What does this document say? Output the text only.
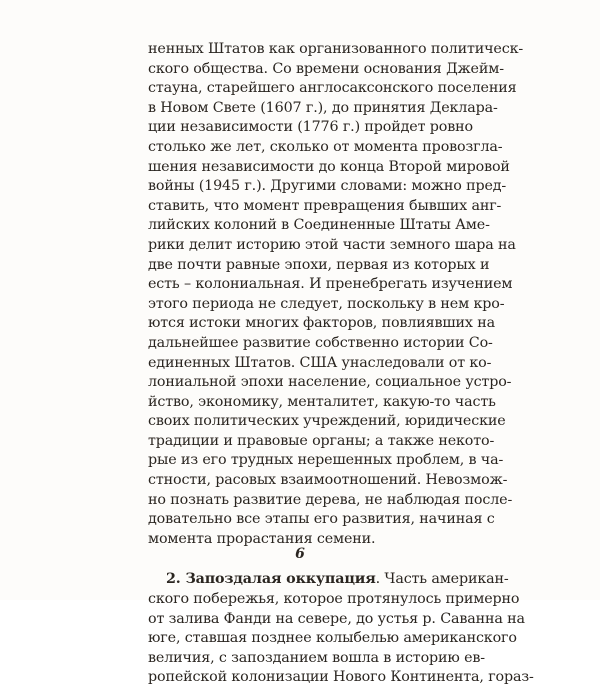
ненных Штатов как организованного политическ-
ского общества. Со времени основания Джейм-
стауна, старейшего англосаксонского поселения
в Новом Свете (1607 г.), до принятия Деклара-
ции независимости (1776 г.) пройдет ровно
столько же лет, сколько от момента провозгла-
шения независимости до конца Второй мировой
войны (1945 г.). Другими словами: можно пред-
ставить, что момент превращения бывших анг-
лийских колоний в Соединенные Штаты Аме-
рики делит историю этой части земного шара на
две почти равные эпохи, первая из которых и
есть – колониальная. И пренебрегать изучением
этого периода не следует, поскольку в нем кро-
ются истоки многих факторов, повлиявших на
дальнейшее развитие собственно истории Со-
единенных Штатов. США унаследовали от ко-
лониальной эпохи население, социальное устро-
йство, экономику, менталитет, какую-то часть
своих политических учреждений, юридические
традиции и правовые органы; а также некото-
рые из его трудных нерешенных проблем, в ча-
стности, расовых взаимоотношений. Невозмож-
но познать развитие дерева, не наблюдая после-
довательно все этапы его развития, начиная с
момента прорастания семени.
2. Запоздалая оккупация. Часть американ-
ского побережья, которое протянулось примерно
от залива Фанди на севере, до устья р. Саванна на
юге, ставшая позднее колыбелью американского
величия, с запозданием вошла в историю ев-
ропейской колонизации Нового Континента, гораз-
6
